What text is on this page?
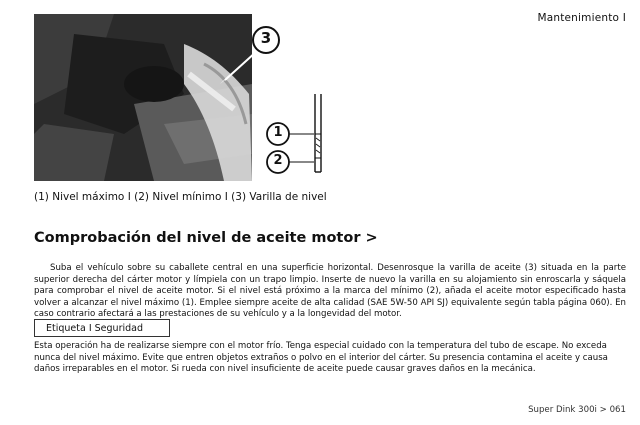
Mantenimiento I
3
1
2
(1) Nivel máximo I (2) Nivel mínimo I (3) Varilla de nivel
Comprobación del nivel de aceite motor >

Suba el vehículo sobre su caballete central en una superficie horizontal. Desenrosque la varilla de aceite (3) situada en la parte superior derecha del cárter motor y límpiela con un trapo limpio. Inserte de nuevo la varilla en su alojamiento sin enroscarla y sáquela para comprobar el nivel de aceite motor. Si el nivel está próximo a la marca del mínimo (2), añada el aceite motor especificado hasta volver a alcanzar el nivel máximo (1). Emplee siempre aceite de alta calidad (SAE 5W-50 API SJ) equivalente según tabla página 060). En caso contrario afectará a las prestaciones de su vehículo y a la longevidad del motor.

Etiqueta I Seguridad

Esta operación ha de realizarse siempre con el motor frío. Tenga especial cuidado con la temperatura del tubo de escape. No exceda nunca del nivel máximo. Evite que entren objetos extraños o polvo en el interior del cárter. Su presencia contamina el aceite y causa daños irreparables en el motor. Si rueda con nivel insuficiente de aceite puede causar graves daños en la mecánica.

Super Dink 300i > 061
